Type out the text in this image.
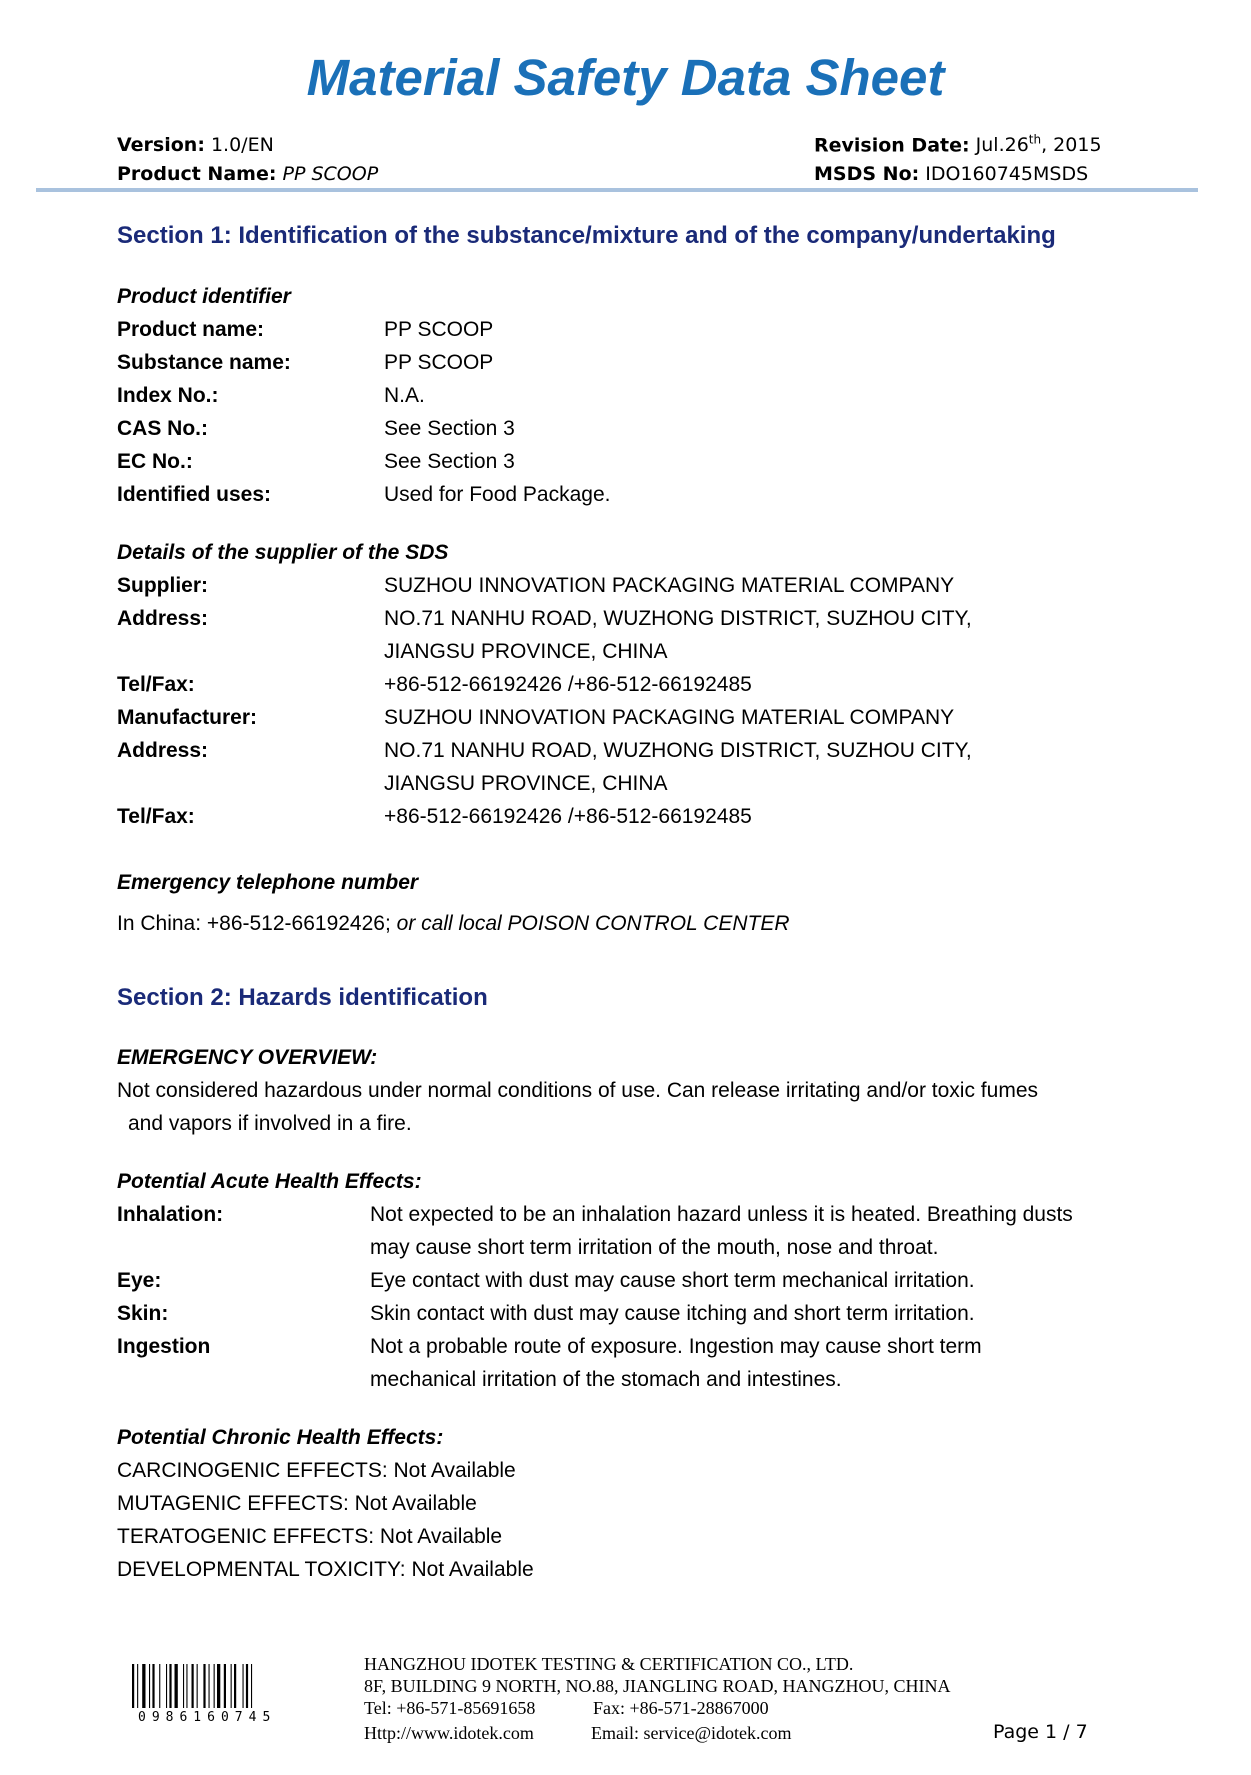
Material Safety Data Sheet
Version: 1.0/EN
Product Name: PP SCOOP
Revision Date: Jul.26th, 2015
MSDS No: IDO160745MSDS
Section 1: Identification of the substance/mixture and of the company/undertaking
Product identifier
Product name:	PP SCOOP
Substance name:	PP SCOOP
Index No.:	N.A.
CAS No.:	See Section 3
EC No.:	See Section 3
Identified uses:	Used for Food Package.
Details of the supplier of the SDS
Supplier:	SUZHOU INNOVATION PACKAGING MATERIAL COMPANY
Address:	NO.71 NANHU ROAD, WUZHONG DISTRICT, SUZHOU CITY,
JIANGSU PROVINCE, CHINA
Tel/Fax:	+86-512-66192426 /+86-512-66192485
Manufacturer:	SUZHOU INNOVATION PACKAGING MATERIAL COMPANY
Address:	NO.71 NANHU ROAD, WUZHONG DISTRICT, SUZHOU CITY,
JIANGSU PROVINCE, CHINA
Tel/Fax:	+86-512-66192426 /+86-512-66192485
Emergency telephone number
In China: +86-512-66192426; or call local POISON CONTROL CENTER
Section 2: Hazards identification
EMERGENCY OVERVIEW:
Not considered hazardous under normal conditions of use. Can release irritating and/or toxic fumes
and vapors if involved in a fire.
Potential Acute Health Effects:
Inhalation:	Not expected to be an inhalation hazard unless it is heated. Breathing dusts
may cause short term irritation of the mouth, nose and throat.
Eye:	Eye contact with dust may cause short term mechanical irritation.
Skin:	Skin contact with dust may cause itching and short term irritation.
Ingestion	Not a probable route of exposure. Ingestion may cause short term
mechanical irritation of the stomach and intestines.
Potential Chronic Health Effects:
CARCINOGENIC EFFECTS: Not Available
MUTAGENIC EFFECTS: Not Available
TERATOGENIC EFFECTS: Not Available
DEVELOPMENTAL TOXICITY: Not Available
0986160745
HANGZHOU IDOTEK TESTING & CERTIFICATION CO., LTD.
8F, BUILDING 9 NORTH, NO.88, JIANGLING ROAD, HANGZHOU, CHINA
Tel: +86-571-85691658	Fax: +86-571-28867000
Http://www.idotek.com	Email: service@idotek.com	Page 1 / 7
